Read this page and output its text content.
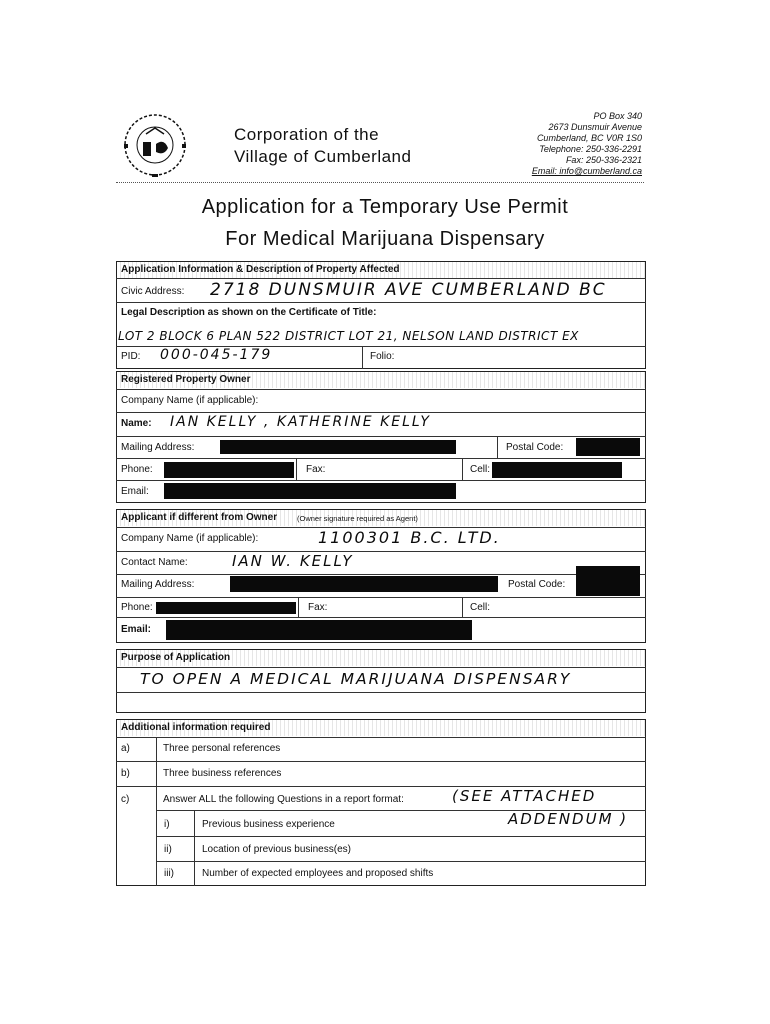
Corporation of the
Village of Cumberland
PO Box 340
2673 Dunsmuir Avenue
Cumberland, BC V0R 1S0
Telephone: 250-336-2291
Fax: 250-336-2321
Email: info@cumberland.ca
Application for a Temporary Use Permit
For Medical Marijuana Dispensary
Application Information & Description of Property Affected
Civic Address: 2718 DUNSMUIR AVE CUMBERLAND BC
Legal Description as shown on the Certificate of Title:
LOT 2 BLOCK 6 PLAN 522 DISTRICT LOT 21, NELSON LAND DISTRICT EX
PID: 000-045-179	Folio:
Registered Property Owner
Company Name (if applicable):
Name: IAN KELLY , KATHERINE KELLY
Mailing Address:	Postal Code:
Phone:	Fax:	Cell:
Email:
Applicant if different from Owner	(Owner signature required as Agent)
Company Name (if applicable):	1100301 B.C. LTD.
Contact Name:	IAN W. KELLY
Mailing Address:	Postal Code:
Phone:	Fax:	Cell:
Email:
Purpose of Application
TO OPEN A MEDICAL MARIJUANA DISPENSARY
Additional information required
a)	Three personal references
b)	Three business references
c)	Answer ALL the following Questions in a report format:	(SEE ATTACHED
ADDENDUM )
i)	Previous business experience
ii)	Location of previous business(es)
iii)	Number of expected employees and proposed shifts
